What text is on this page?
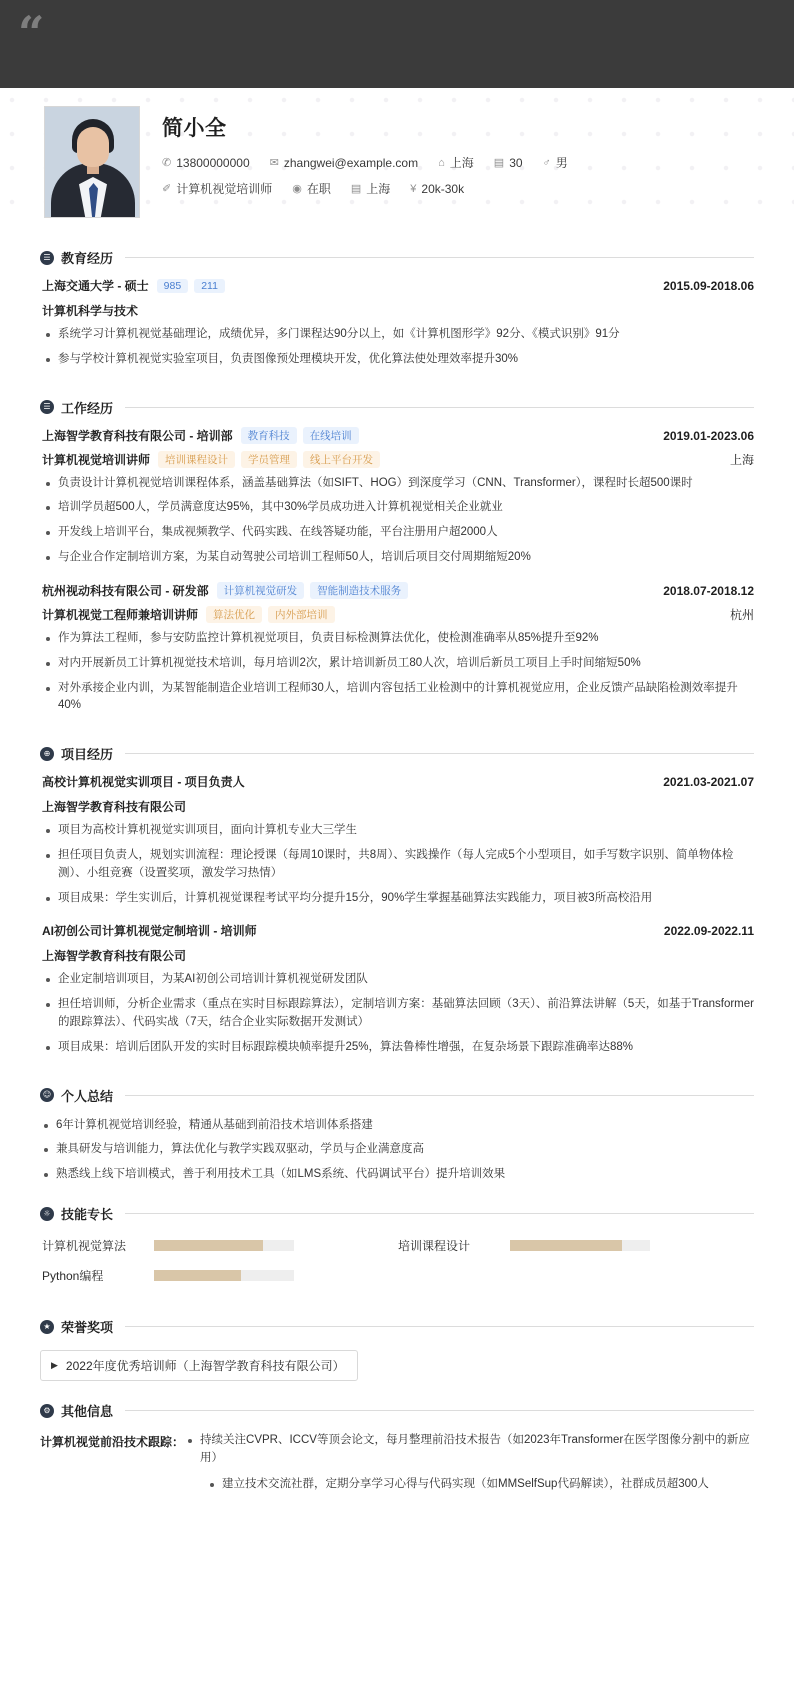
“
简小全
✆ 13800000000 ✉ zhangwei@example.com ⌂ 上海 ▤ 30 ♂ 男
✐ 计算机视觉培训师 ◉ 在职 ▤ 上海 ¥ 20k-30k
☰ 教育经历
上海交通大学 - 硕士	985	211	2015.09-2018.06
计算机科学与技术
系统学习计算机视觉基础理论，成绩优异，多门课程达90分以上，如《计算机图形学》92分、《模式识别》91分
参与学校计算机视觉实验室项目，负责图像预处理模块开发，优化算法使处理效率提升30%
☰ 工作经历
上海智学教育科技有限公司 - 培训部	教育科技	在线培训	2019.01-2023.06
计算机视觉培训讲师	培训课程设计	学员管理	线上平台开发	上海
负责设计计算机视觉培训课程体系，涵盖基础算法（如SIFT、HOG）到深度学习（CNN、Transformer），课程时长超500课时
培训学员超500人，学员满意度达95%，其中30%学员成功进入计算机视觉相关企业就业
开发线上培训平台，集成视频教学、代码实践、在线答疑功能，平台注册用户超2000人
与企业合作定制培训方案，为某自动驾驶公司培训工程师50人，培训后项目交付周期缩短20%
杭州视动科技有限公司 - 研发部	计算机视觉研发	智能制造技术服务	2018.07-2018.12
计算机视觉工程师兼培训讲师	算法优化	内外部培训	杭州
作为算法工程师，参与安防监控计算机视觉项目，负责目标检测算法优化，使检测准确率从85%提升至92%
对内开展新员工计算机视觉技术培训，每月培训2次，累计培训新员工80人次，培训后新员工项目上手时间缩短50%
对外承接企业内训，为某智能制造企业培训工程师30人，培训内容包括工业检测中的计算机视觉应用，企业反馈产品缺陷检测效率提升40%
⊕ 项目经历
高校计算机视觉实训项目 - 项目负责人	2021.03-2021.07
上海智学教育科技有限公司
项目为高校计算机视觉实训项目，面向计算机专业大三学生
担任项目负责人，规划实训流程：理论授课（每周10课时，共8周）、实践操作（每人完成5个小型项目，如手写数字识别、简单物体检测）、小组竞赛（设置奖项，激发学习热情）
项目成果：学生实训后，计算机视觉课程考试平均分提升15分，90%学生掌握基础算法实践能力，项目被3所高校沿用
AI初创公司计算机视觉定制培训 - 培训师	2022.09-2022.11
上海智学教育科技有限公司
企业定制培训项目，为某AI初创公司培训计算机视觉研发团队
担任培训师，分析企业需求（重点在实时目标跟踪算法），定制培训方案：基础算法回顾（3天）、前沿算法讲解（5天，如基于Transformer的跟踪算法）、代码实战（7天，结合企业实际数据开发测试）
项目成果：培训后团队开发的实时目标跟踪模块帧率提升25%，算法鲁棒性增强，在复杂场景下跟踪准确率达88%
☺ 个人总结
6年计算机视觉培训经验，精通从基础到前沿技术培训体系搭建
兼具研发与培训能力，算法优化与教学实践双驱动，学员与企业满意度高
熟悉线上线下培训模式，善于利用技术工具（如LMS系统、代码调试平台）提升培训效果
☼ 技能专长
计算机视觉算法	培训课程设计
Python编程
★ 荣誉奖项
▶ 2022年度优秀培训师（上海智学教育科技有限公司）
⚙ 其他信息
计算机视觉前沿技术跟踪：	持续关注CVPR、ICCV等顶会论文，每月整理前沿技术报告（如2023年Transformer在医学图像分割中的新应用）
建立技术交流社群，定期分享学习心得与代码实现（如MMSelfSup代码解读），社群成员超300人
